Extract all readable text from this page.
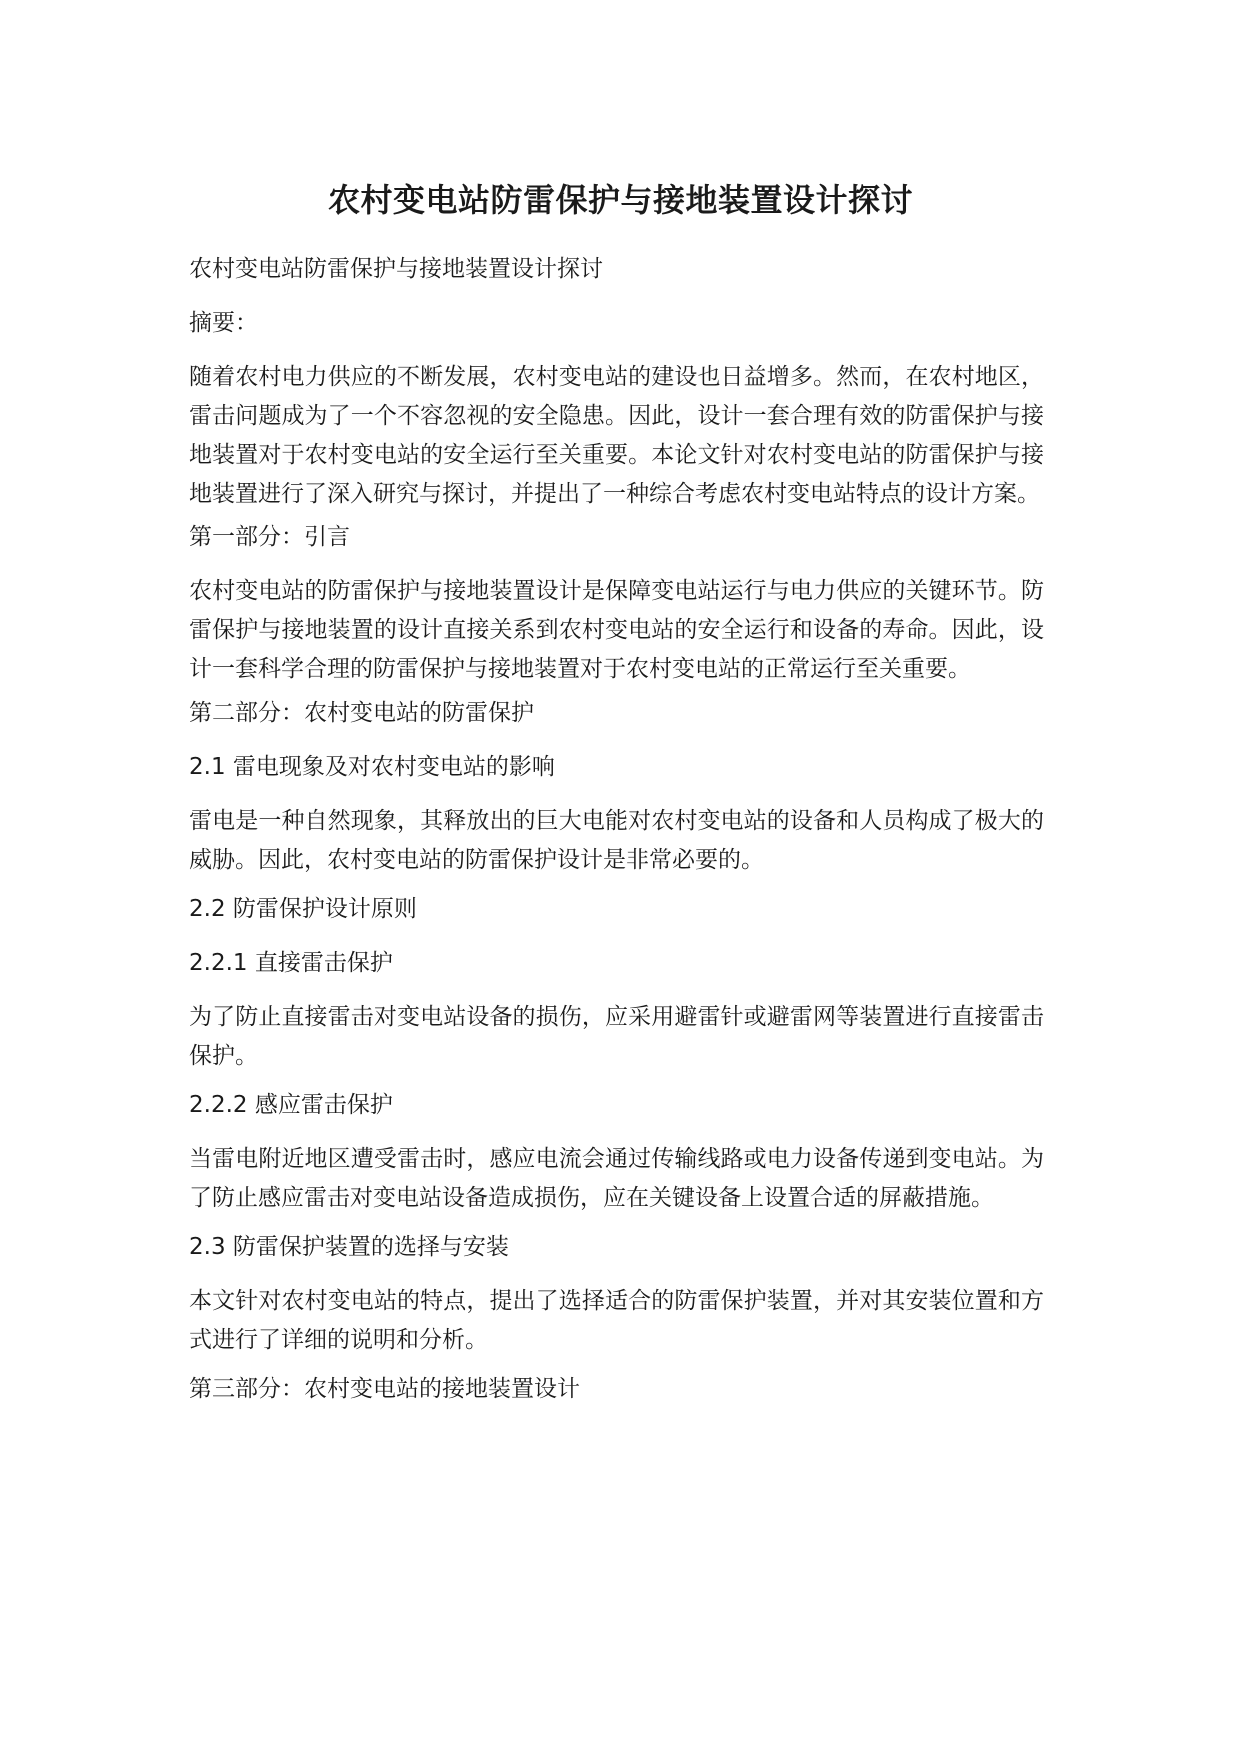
农村变电站防雷保护与接地装置设计探讨

农村变电站防雷保护与接地装置设计探讨

摘要：

随着农村电力供应的不断发展，农村变电站的建设也日益增多。然而，在农村地区，雷击问题成为了一个不容忽视的安全隐患。因此，设计一套合理有效的防雷保护与接地装置对于农村变电站的安全运行至关重要。本论文针对农村变电站的防雷保护与接地装置进行了深入研究与探讨，并提出了一种综合考虑农村变电站特点的设计方案。

第一部分：引言

农村变电站的防雷保护与接地装置设计是保障变电站运行与电力供应的关键环节。防雷保护与接地装置的设计直接关系到农村变电站的安全运行和设备的寿命。因此，设计一套科学合理的防雷保护与接地装置对于农村变电站的正常运行至关重要。

第二部分：农村变电站的防雷保护

2.1 雷电现象及对农村变电站的影响

雷电是一种自然现象，其释放出的巨大电能对农村变电站的设备和人员构成了极大的威胁。因此，农村变电站的防雷保护设计是非常必要的。

2.2 防雷保护设计原则

2.2.1 直接雷击保护

为了防止直接雷击对变电站设备的损伤，应采用避雷针或避雷网等装置进行直接雷击保护。

2.2.2 感应雷击保护

当雷电附近地区遭受雷击时，感应电流会通过传输线路或电力设备传递到变电站。为了防止感应雷击对变电站设备造成损伤，应在关键设备上设置合适的屏蔽措施。

2.3 防雷保护装置的选择与安装

本文针对农村变电站的特点，提出了选择适合的防雷保护装置，并对其安装位置和方式进行了详细的说明和分析。

第三部分：农村变电站的接地装置设计
